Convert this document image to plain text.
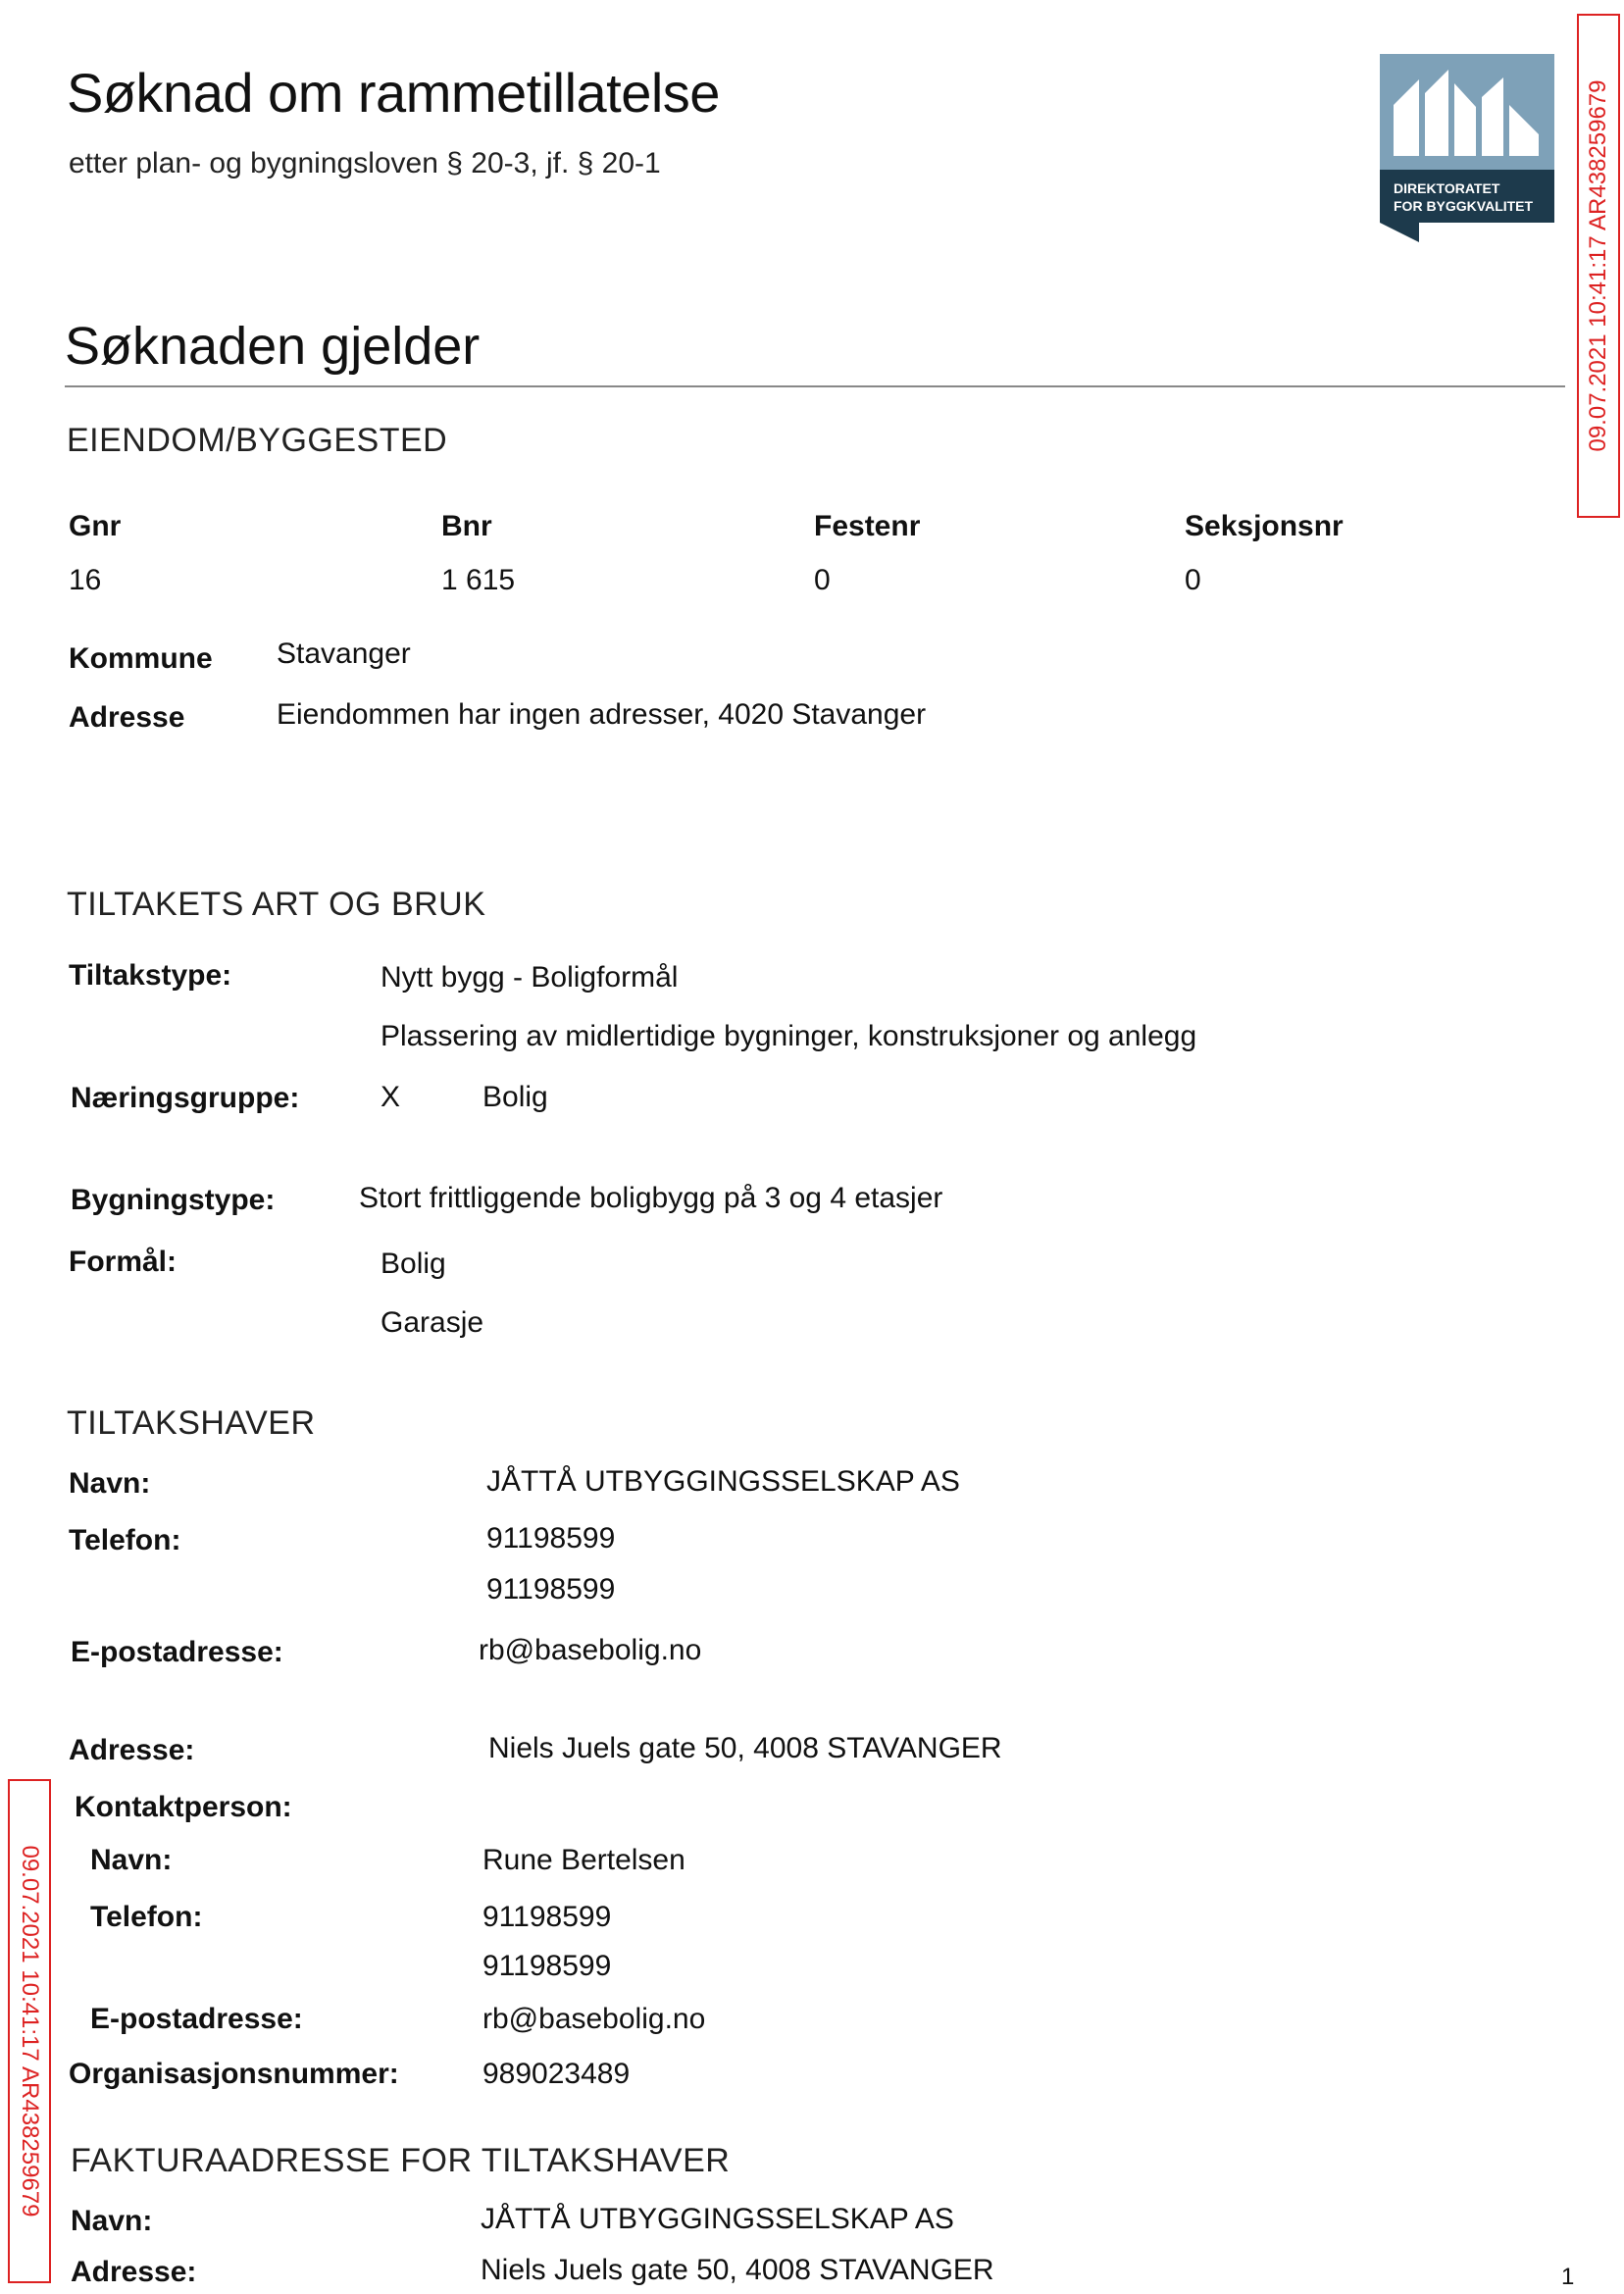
Søknad om rammetillatelse
etter plan- og bygningsloven § 20-3, jf. § 20-1
DIREKTORATET
FOR BYGGKVALITET 09.07.2021 10:41:17 AR438259679
09.07.2021 10:41:17 AR438259679
Søknaden gjelder
EIENDOM/BYGGESTED
Gnr	Bnr	Festenr	Seksjonsnr
16	1 615	0	0
Kommune Stavanger
Adresse	Eiendommen har ingen adresser, 4020 Stavanger
TILTAKETS ART OG BRUK
Tiltakstype:	Nytt bygg - Boligformål
Plassering av midlertidige bygninger, konstruksjoner og anlegg
Næringsgruppe:	X	Bolig
Bygningstype:	Stort frittliggende boligbygg på 3 og 4 etasjer
Formål:	Bolig
Garasje
TILTAKSHAVER
Navn:	JÅTTÅ UTBYGGINGSSELSKAP AS
Telefon:	91198599
91198599
E-postadresse:	rb@basebolig.no
Adresse:	Niels Juels gate 50, 4008 STAVANGER
Kontaktperson:
Navn:	Rune Bertelsen
Telefon:	91198599
91198599
E-postadresse:	rb@basebolig.no
Organisasjonsnummer:	989023489
FAKTURAADRESSE FOR TILTAKSHAVER
Navn:	JÅTTÅ UTBYGGINGSSELSKAP AS
Adresse:	Niels Juels gate 50, 4008 STAVANGER	1
